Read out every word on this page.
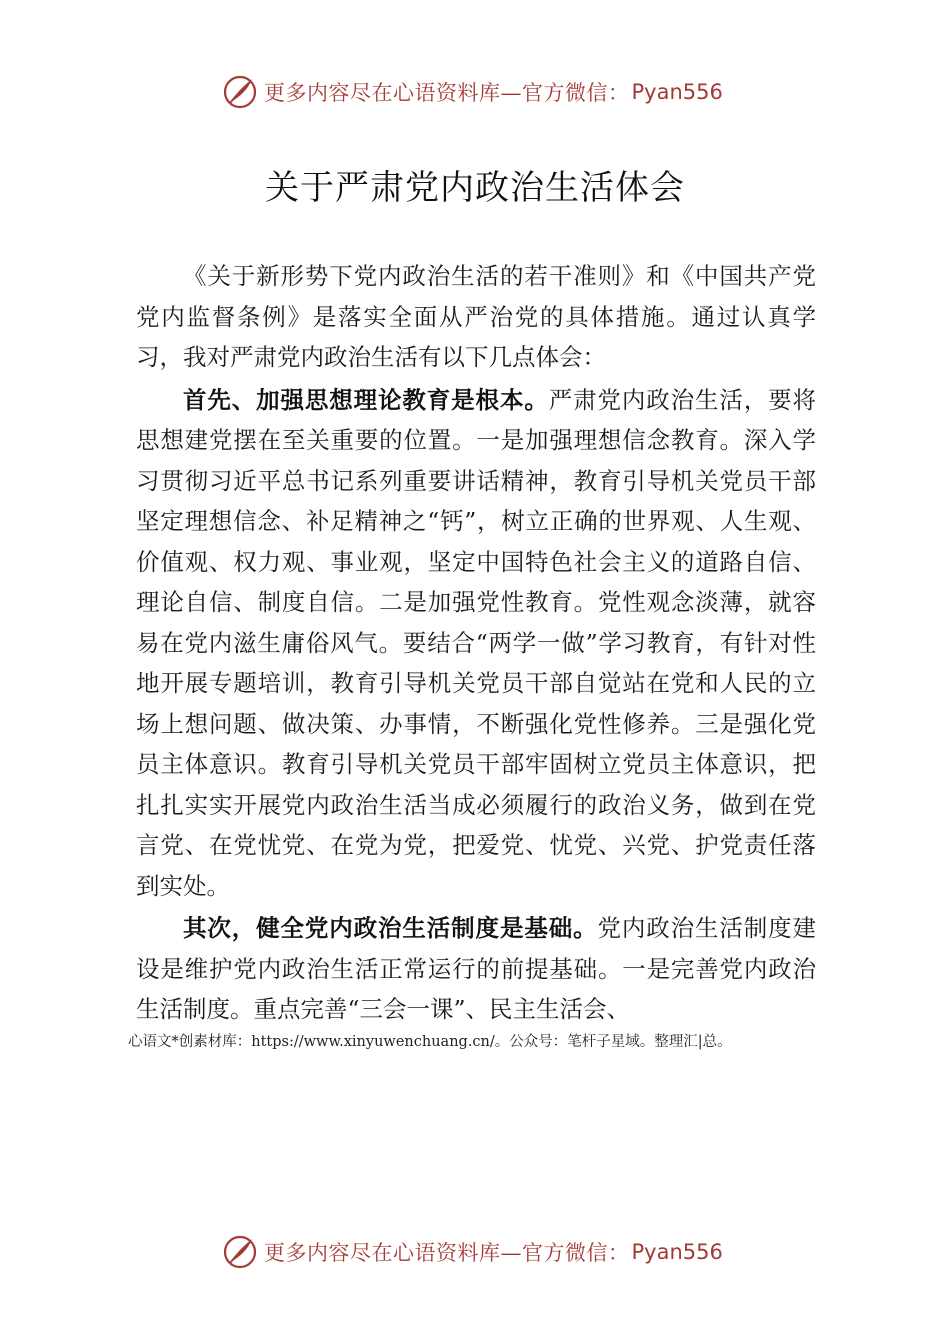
更多内容尽在心语资料库—官方微信： Pyan556
关于严肃党内政治生活体会

《关于新形势下党内政治生活的若干准则》和《中国共产党党内监督条例》是落实全面从严治党的具体措施。通过认真学习，我对严肃党内政治生活有以下几点体会：

首先、加强思想理论教育是根本。严肃党内政治生活，要将思想建党摆在至关重要的位置。一是加强理想信念教育。深入学习贯彻习近平总书记系列重要讲话精神，教育引导机关党员干部坚定理想信念、补足精神之“钙”，树立正确的世界观、人生观、价值观、权力观、事业观，坚定中国特色社会主义的道路自信、理论自信、制度自信。二是加强党性教育。党性观念淡薄，就容易在党内滋生庸俗风气。要结合“两学一做”学习教育，有针对性地开展专题培训，教育引导机关党员干部自觉站在党和人民的立场上想问题、做决策、办事情，不断强化党性修养。三是强化党员主体意识。教育引导机关党员干部牢固树立党员主体意识，把扎扎实实开展党内政治生活当成必须履行的政治义务，做到在党言党、在党忧党、在党为党，把爱党、忧党、兴党、护党责任落到实处。

其次，健全党内政治生活制度是基础。党内政治生活制度建设是维护党内政治生活正常运行的前提基础。一是完善党内政治生活制度。重点完善“三会一课”、民主生活会、

心语文*创素材库：https://www.xinyuwenchuang.cn/。公众号：笔杆子星域。整理汇|总。
更多内容尽在心语资料库—官方微信： Pyan556
